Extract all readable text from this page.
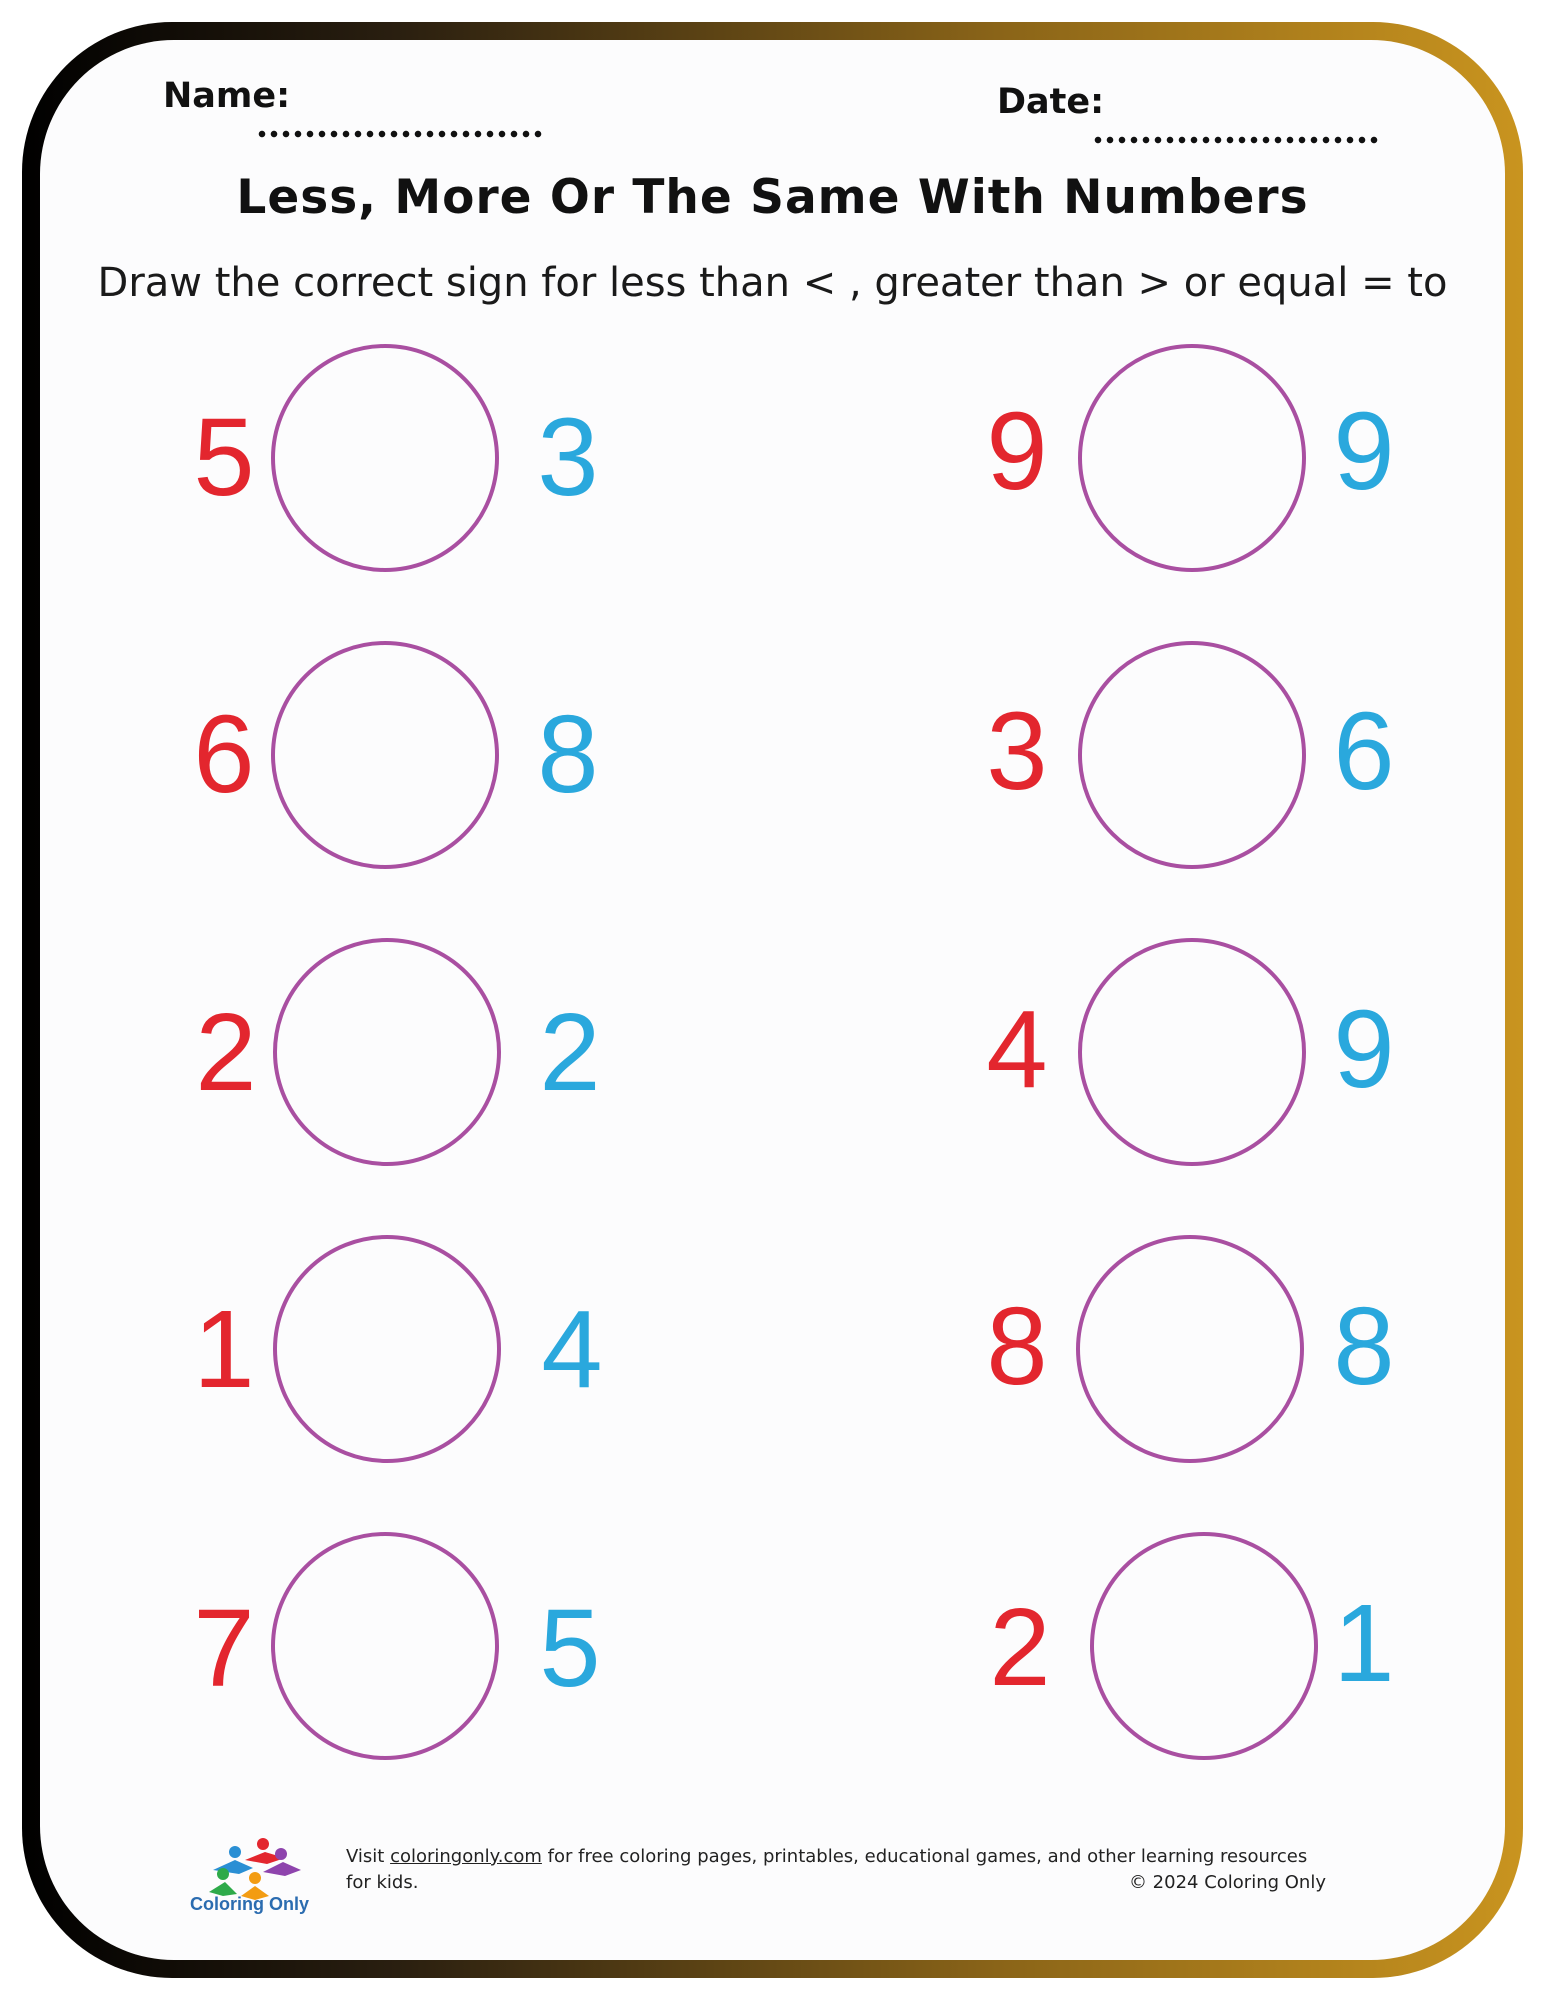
Name:	Date:
Less, More Or The Same With Numbers
Draw the correct sign for less than < , greater than > or equal = to
5	3	9	9
6	8	3	6
2	2	4	9
1	4	8	8
7	5	2	1
Coloring Only
Visit coloringonly.com for free coloring pages, printables, educational games, and other learning resources for kids.	© 2024 Coloring Only
